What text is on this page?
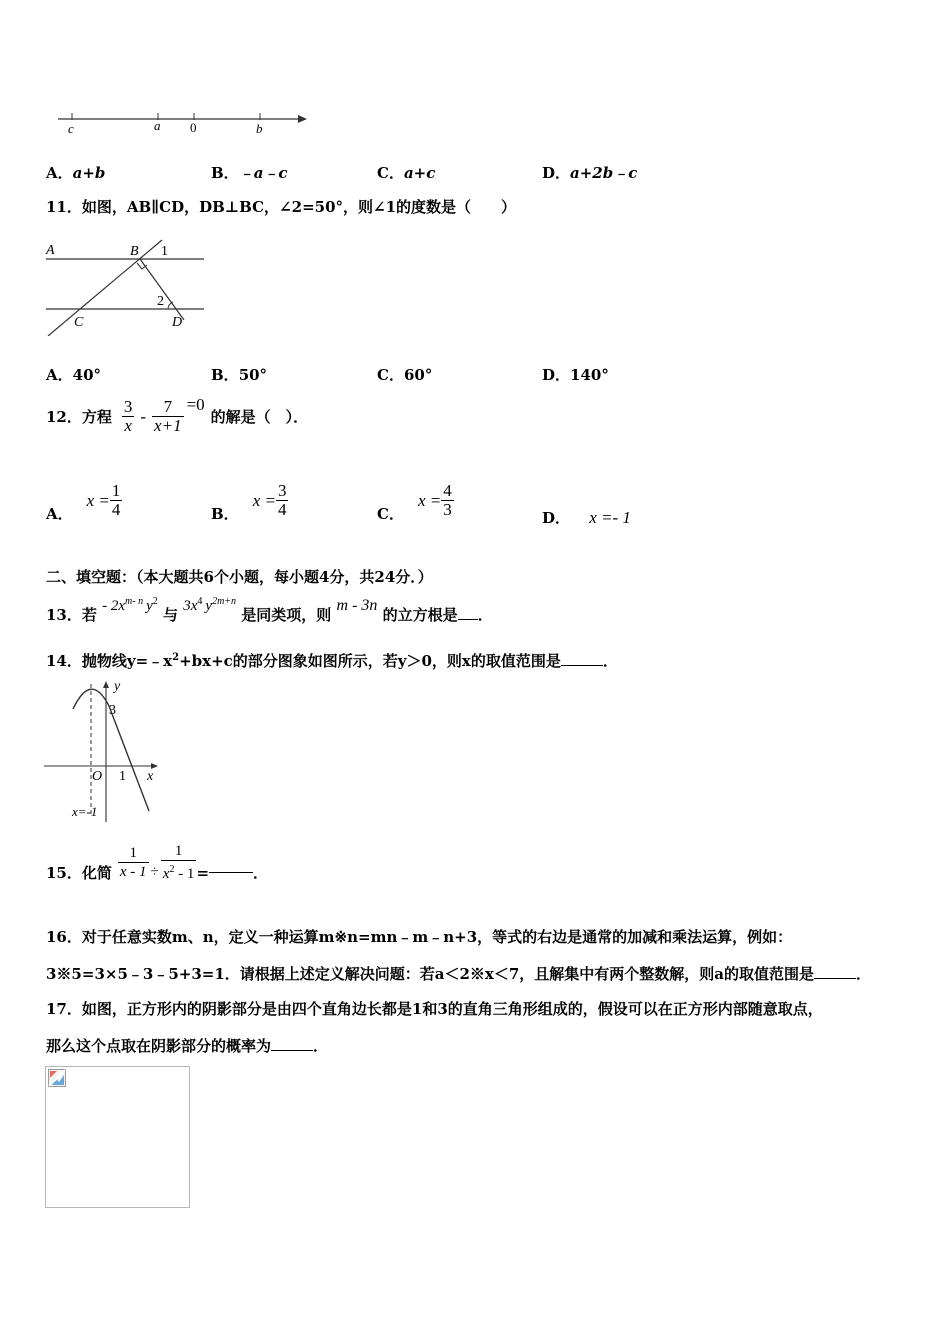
c	a 0	b
A．a+b	B．﹣a﹣c	C．a+c	D．a+2b﹣c
11．如图，AB∥CD，DB⊥BC，∠2=50°，则∠1的度数是（　　）
A	B 1
2
C	D
A．40°	B．50°	C．60°	D．140°
12．方程 $\frac{3}{x} - \frac{7}{x+1} =0$
的解是（　）．
A．
$x = \frac{1}{4}$	B．
$x = \frac{3}{4}$	C．
$x = \frac{4}{3}$	D． x =- 1
二、填空题：（本大题共6个小题，每小题4分，共24分．）
13．若 - $2x^{m- n}$ $y^2$ 与 $3x^4$ $y^{2m+n}$ 是同类项，则 m - 3n 的立方根是 ．
14．抛物线$y=﹣x^2+bx+c$的部分图象如图所示，若y＞0，则x的取值范围是	．
y
3
O 1 x
x=-1
15．化简 $\frac{1}{x - 1} \div \frac{1}{x^2 - 1}$ =	．
16．对于任意实数m、n，定义一种运算m※n=mn﹣m﹣n+3，等式的右边是通常的加减和乘法运算，例如：
3※5=3×5﹣3﹣5+3=1．请根据上述定义解决问题：若a＜2※x＜7，且解集中有两个整数解，则a的取值范围是	．
17．如图，正方形内的阴影部分是由四个直角边长都是1和3的直角三角形组成的，假设可以在正方形内部随意取点，
那么这个点取在阴影部分的概率为	．
